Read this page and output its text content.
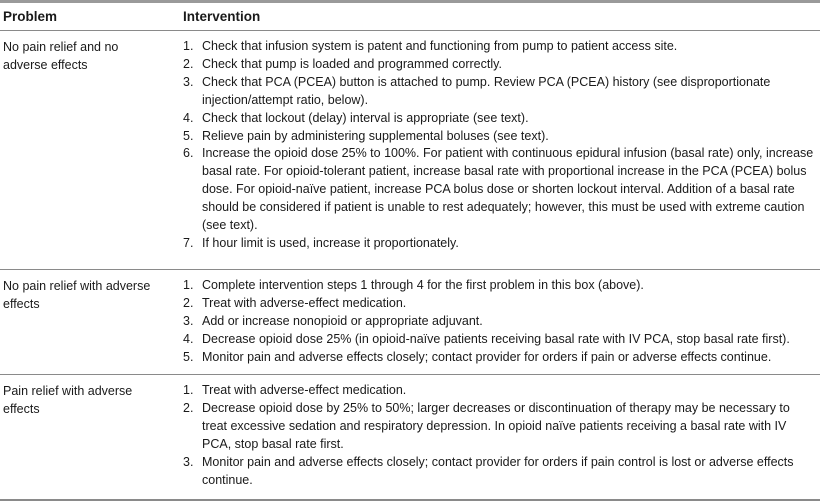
Problem	Intervention
No pain relief and no adverse effects
1. Check that infusion system is patent and functioning from pump to patient access site.
2. Check that pump is loaded and programmed correctly.
3. Check that PCA (PCEA) button is attached to pump. Review PCA (PCEA) history (see disproportionate injection/attempt ratio, below).
4. Check that lockout (delay) interval is appropriate (see text).
5. Relieve pain by administering supplemental boluses (see text).
6. Increase the opioid dose 25% to 100%. For patient with continuous epidural infusion (basal rate) only, increase basal rate. For opioid-tolerant patient, increase basal rate with proportional increase in the PCA (PCEA) bolus dose. For opioid-naïve patient, increase PCA bolus dose or shorten lockout interval. Addition of a basal rate should be considered if patient is unable to rest adequately; however, this must be used with extreme caution (see text).
7. If hour limit is used, increase it proportionately.
No pain relief with adverse effects
1. Complete intervention steps 1 through 4 for the first problem in this box (above).
2. Treat with adverse-effect medication.
3. Add or increase nonopioid or appropriate adjuvant.
4. Decrease opioid dose 25% (in opioid-naïve patients receiving basal rate with IV PCA, stop basal rate first).
5. Monitor pain and adverse effects closely; contact provider for orders if pain or adverse effects continue.
Pain relief with adverse effects
1. Treat with adverse-effect medication.
2. Decrease opioid dose by 25% to 50%; larger decreases or discontinuation of therapy may be necessary to treat excessive sedation and respiratory depression. In opioid naïve patients receiving a basal rate with IV PCA, stop basal rate first.
3. Monitor pain and adverse effects closely; contact provider for orders if pain control is lost or adverse effects continue.
